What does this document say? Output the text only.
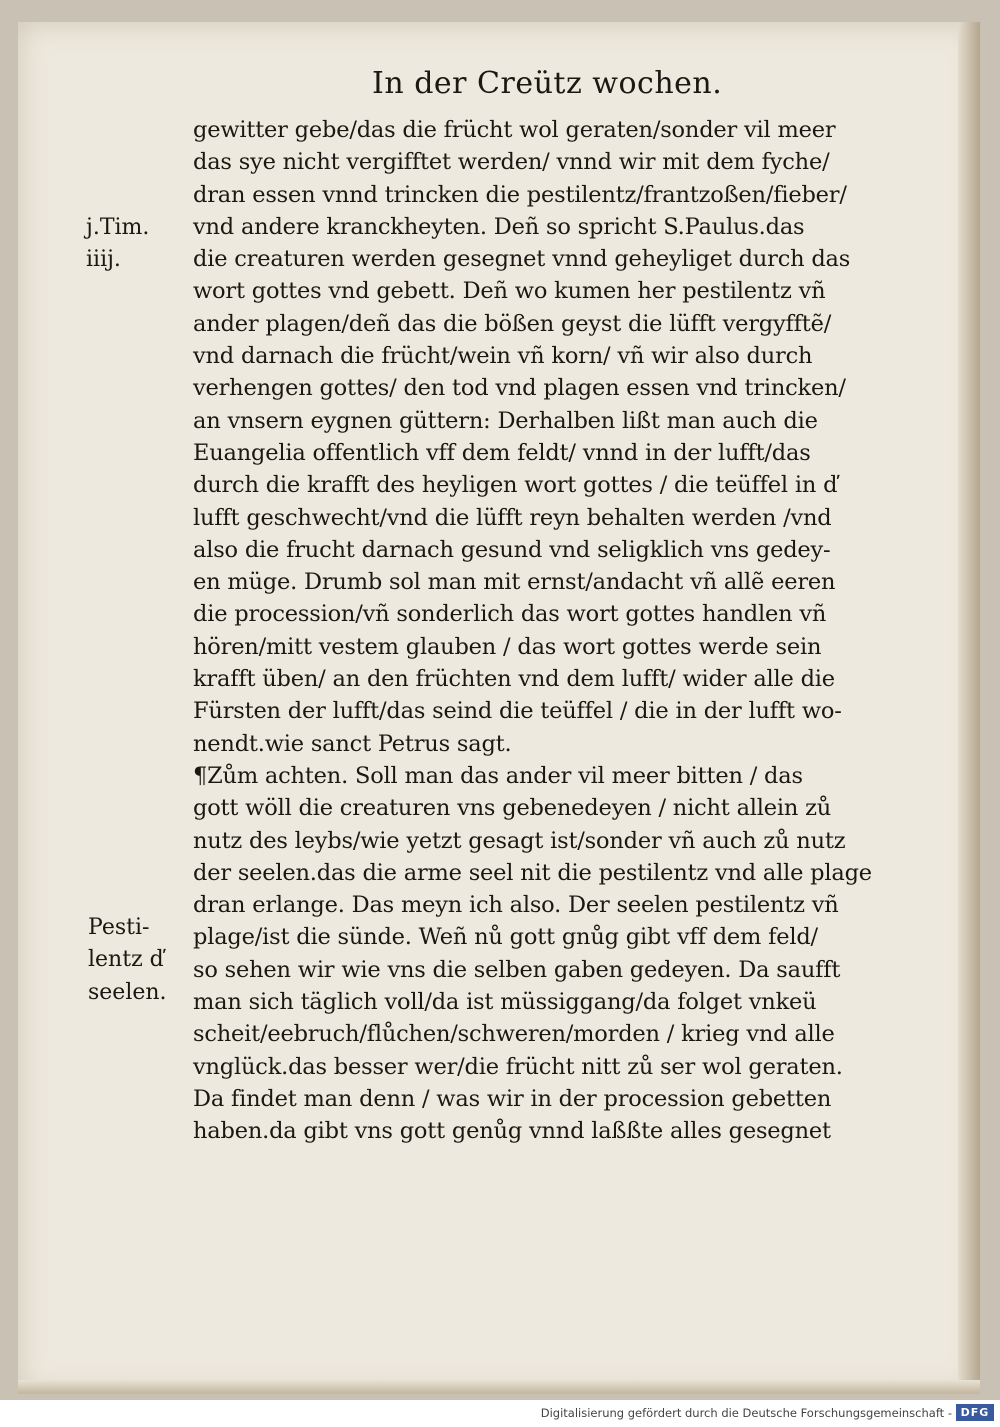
In der Creütz wochen.
j.Tim.
iiij.
Pesti-
lentz ď
seelen.
gewitter gebe/das die frücht wol geraten/sonder vil meer
das sye nicht vergifftet werden/ vnnd wir mit dem fyche/
dran essen vnnd trincken die pestilentz/frantzoßen/fieber/
vnd andere kranckheyten. Deñ so spricht S.Paulus.das
die creaturen werden gesegnet vnnd geheyliget durch das
wort gottes vnd gebett. Deñ wo kumen her pestilentz vñ
ander plagen/deñ das die bößen geyst die lüfft vergyfftẽ/
vnd darnach die frücht/wein vñ korn/ vñ wir also durch
verhengen gottes/ den tod vnd plagen essen vnd trincken/
an vnsern eygnen güttern: Derhalben lißt man auch die
Euangelia offentlich vff dem feldt/ vnnd in der lufft/das
durch die krafft des heyligen wort gottes / die teüffel in ď
lufft geschwecht/vnd die lüfft reyn behalten werden /vnd
also die frucht darnach gesund vnd seligklich vns gedey-
en müge. Drumb sol man mit ernst/andacht vñ allẽ eeren
die procession/vñ sonderlich das wort gottes handlen vñ
hören/mitt vestem glauben / das wort gottes werde sein
krafft üben/ an den früchten vnd dem lufft/ wider alle die
Fürsten der lufft/das seind die teüffel / die in der lufft wo-
nendt.wie sanct Petrus sagt.
¶Zům achten. Soll man das ander vil meer bitten / das
gott wöll die creaturen vns gebenedeyen / nicht allein zů
nutz des leybs/wie yetzt gesagt ist/sonder vñ auch zů nutz
der seelen.das die arme seel nit die pestilentz vnd alle plage
dran erlange. Das meyn ich also. Der seelen pestilentz vñ
plage/ist die sünde. Weñ nů gott gnůg gibt vff dem feld/
so sehen wir wie vns die selben gaben gedeyen. Da saufft
man sich täglich voll/da ist müssiggang/da folget vnkeü
scheit/eebruch/flůchen/schweren/morden / krieg vnd alle
vnglück.das besser wer/die frücht nitt zů ser wol geraten.
Da findet man denn / was wir in der procession gebetten
haben.da gibt vns gott genůg vnnd laßßte alles gesegnet
Digitalisierung gefördert durch die Deutsche Forschungsgemeinschaft - DFG
